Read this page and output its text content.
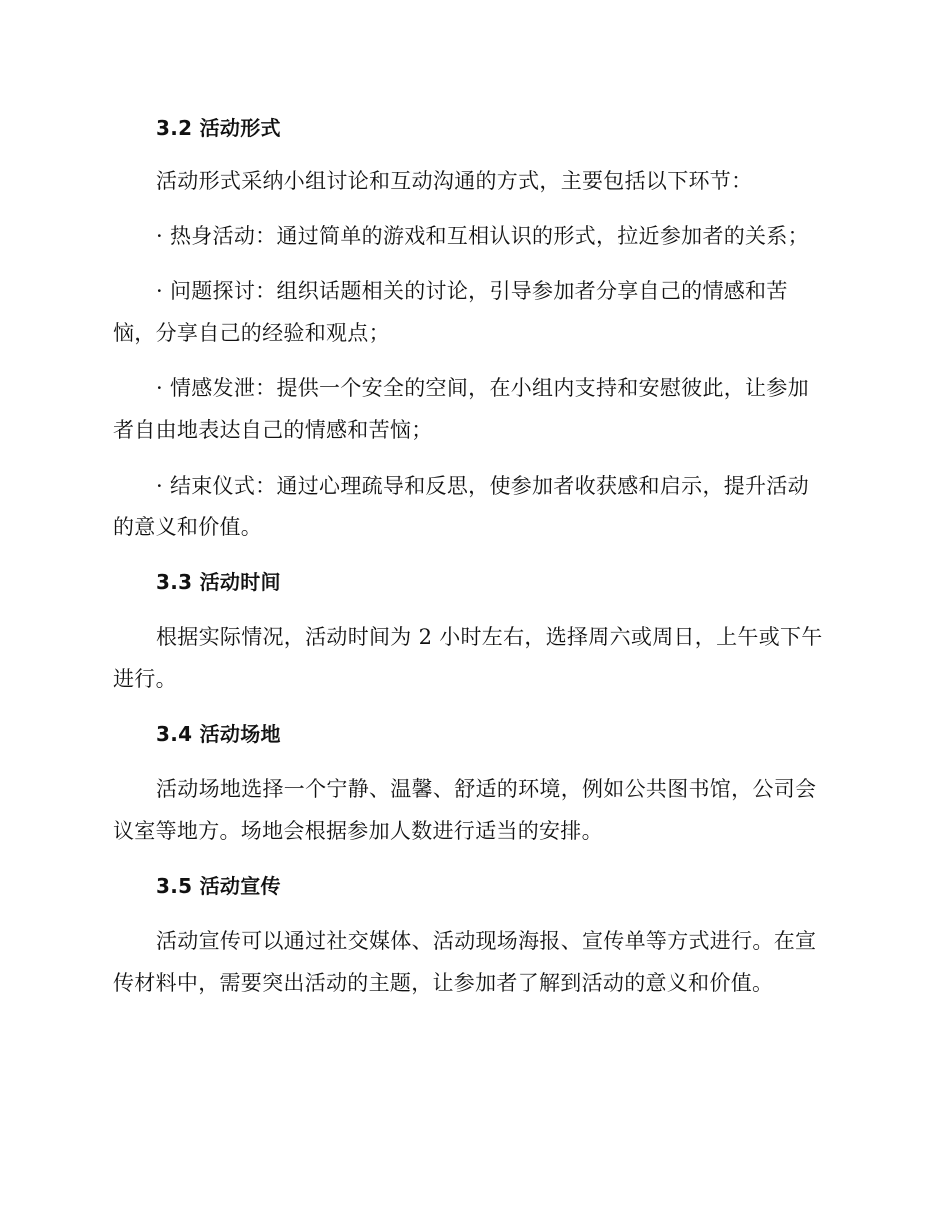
3.2 活动形式
活动形式采纳小组讨论和互动沟通的方式，主要包括以下环节：
· 热身活动：通过简单的游戏和互相认识的形式，拉近参加者的关系；
· 问题探讨：组织话题相关的讨论，引导参加者分享自己的情感和苦
恼，分享自己的经验和观点；
· 情感发泄：提供一个安全的空间，在小组内支持和安慰彼此，让参加
者自由地表达自己的情感和苦恼；
· 结束仪式：通过心理疏导和反思，使参加者收获感和启示，提升活动
的意义和价值。
3.3 活动时间
根据实际情况，活动时间为 2 小时左右，选择周六或周日，上午或下午
进行。
3.4 活动场地
活动场地选择一个宁静、温馨、舒适的环境，例如公共图书馆，公司会
议室等地方。场地会根据参加人数进行适当的安排。
3.5 活动宣传
活动宣传可以通过社交媒体、活动现场海报、宣传单等方式进行。在宣
传材料中，需要突出活动的主题，让参加者了解到活动的意义和价值。
